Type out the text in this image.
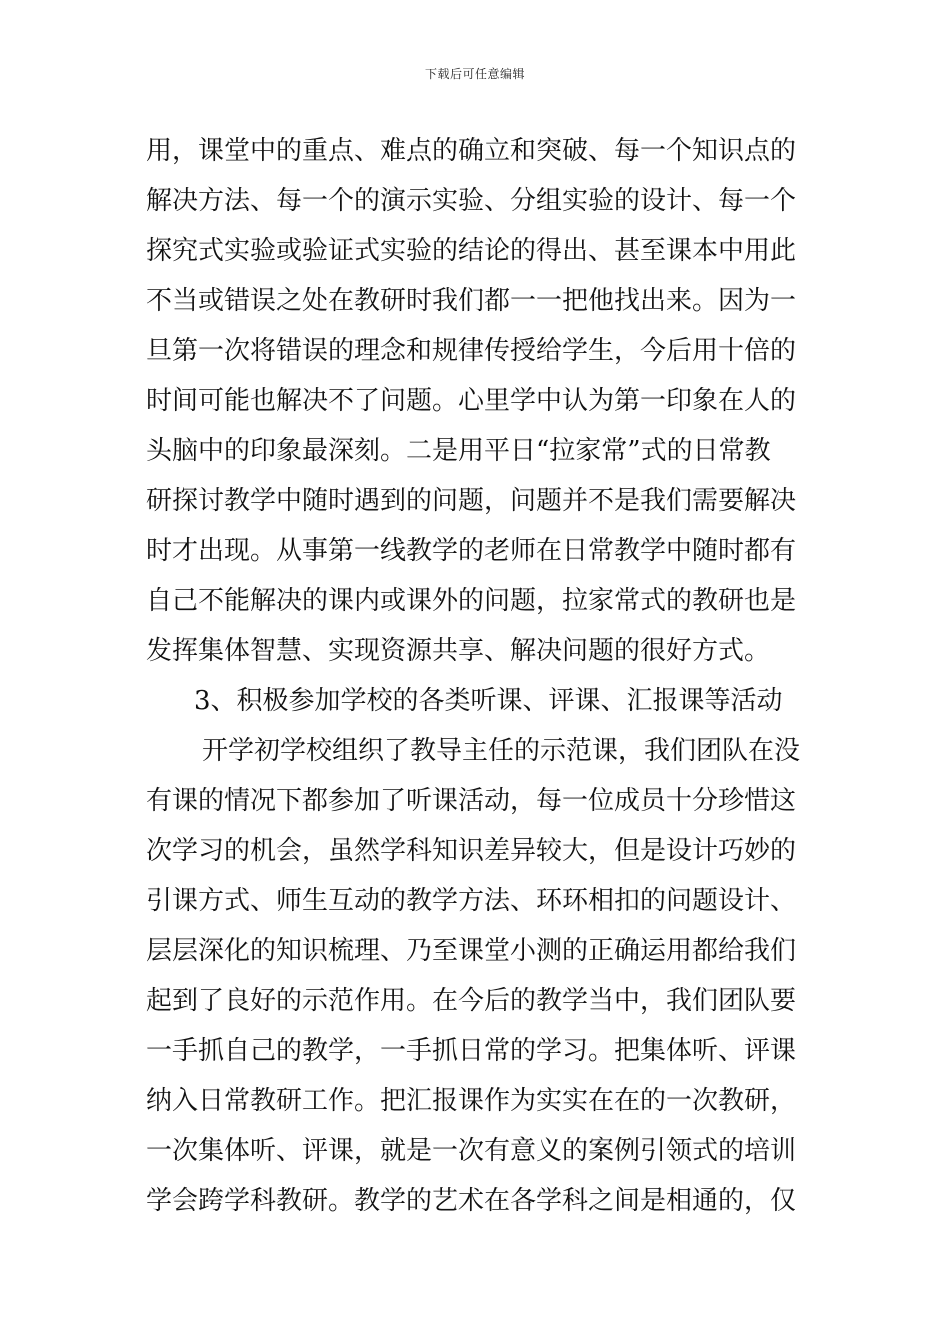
下载后可任意编辑
用，课堂中的重点、难点的确立和突破、每一个知识点的
解决方法、每一个的演示实验、分组实验的设计、每一个
探究式实验或验证式实验的结论的得出、甚至课本中用此
不当或错误之处在教研时我们都一一把他找出来。因为一
旦第一次将错误的理念和规律传授给学生，今后用十倍的
时间可能也解决不了问题。心里学中认为第一印象在人的
头脑中的印象最深刻。二是用平日“拉家常”式的日常教
研探讨教学中随时遇到的问题，问题并不是我们需要解决
时才出现。从事第一线教学的老师在日常教学中随时都有
自己不能解决的课内或课外的问题，拉家常式的教研也是
发挥集体智慧、实现资源共享、解决问题的很好方式。
3、积极参加学校的各类听课、评课、汇报课等活动
开学初学校组织了教导主任的示范课，我们团队在没
有课的情况下都参加了听课活动，每一位成员十分珍惜这
次学习的机会，虽然学科知识差异较大，但是设计巧妙的
引课方式、师生互动的教学方法、环环相扣的问题设计、
层层深化的知识梳理、乃至课堂小测的正确运用都给我们
起到了良好的示范作用。在今后的教学当中，我们团队要
一手抓自己的教学，一手抓日常的学习。把集体听、评课
纳入日常教研工作。把汇报课作为实实在在的一次教研，
一次集体听、评课，就是一次有意义的案例引领式的培训
学会跨学科教研。教学的艺术在各学科之间是相通的，仅
